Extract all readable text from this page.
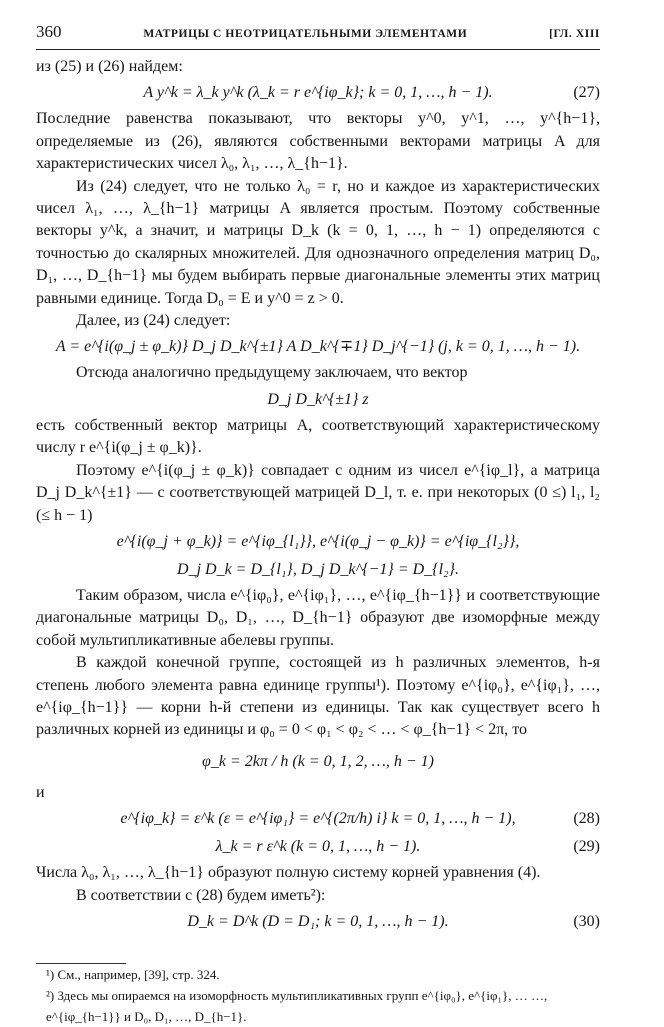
360	МАТРИЦЫ С НЕОТРИЦАТЕЛЬНЫМИ ЭЛЕМЕНТАМИ	[ГЛ. XIII

из (25) и (26) найдем:

A y^k = λ_k y^k (λ_k = r e^{iφ_k}; k = 0, 1, …, h − 1).	(27)

Последние равенства показывают, что векторы y^0, y^1, …, y^{h−1}, определяемые из (26), являются собственными векторами матрицы A для характеристических чисел λ₀, λ₁, …, λ_{h−1}.

Из (24) следует, что не только λ₀ = r, но и каждое из характеристических чисел λ₁, …, λ_{h−1} матрицы A является простым. Поэтому собственные векторы y^k, а значит, и матрицы D_k (k = 0, 1, …, h − 1) определяются с точностью до скалярных множителей. Для однозначного определения матриц D₀, D₁, …, D_{h−1} мы будем выбирать первые диагональные элементы этих матриц равными единице. Тогда D₀ = E и y^0 = z > 0.

Далее, из (24) следует:

A = e^{i(φ_j ± φ_k)} D_j D_k^{±1} A D_k^{∓1} D_j^{−1} (j, k = 0, 1, …, h − 1).

Отсюда аналогично предыдущему заключаем, что вектор

D_j D_k^{±1} z

есть собственный вектор матрицы A, соответствующий характеристическому числу r e^{i(φ_j ± φ_k)}.

Поэтому e^{i(φ_j ± φ_k)} совпадает с одним из чисел e^{iφ_l}, а матрица D_j D_k^{±1} — с соответствующей матрицей D_l, т. е. при некоторых (0 ≤) l₁, l₂ (≤ h − 1)

e^{i(φ_j + φ_k)} = e^{iφ_{l₁}}, e^{i(φ_j − φ_k)} = e^{iφ_{l₂}},
D_j D_k = D_{l₁}, D_j D_k^{−1} = D_{l₂}.

Таким образом, числа e^{iφ₀}, e^{iφ₁}, …, e^{iφ_{h−1}} и соответствующие диагональные матрицы D₀, D₁, …, D_{h−1} образуют две изоморфные между собой мультипликативные абелевы группы.

В каждой конечной группе, состоящей из h различных элементов, h-я степень любого элемента равна единице группы¹). Поэтому e^{iφ₀}, e^{iφ₁}, …, e^{iφ_{h−1}} — корни h-й степени из единицы. Так как существует всего h различных корней из единицы и φ₀ = 0 < φ₁ < φ₂ < … < φ_{h−1} < 2π, то

φ_k = 2kπ / h (k = 0, 1, 2, …, h − 1)

и

e^{iφ_k} = ε^k (ε = e^{iφ₁} = e^{(2π/h) i} k = 0, 1, …, h − 1),	(28)
λ_k = r ε^k (k = 0, 1, …, h − 1).	(29)

Числа λ₀, λ₁, …, λ_{h−1} образуют полную систему корней уравнения (4).

В соответствии с (28) будем иметь²):

D_k = D^k (D = D₁; k = 0, 1, …, h − 1).	(30)

¹) См., например, [39], стр. 324.

²) Здесь мы опираемся на изоморфность мультипликативных групп e^{iφ₀}, e^{iφ₁}, … …, e^{iφ_{h−1}} и D₀, D₁, …, D_{h−1}.
